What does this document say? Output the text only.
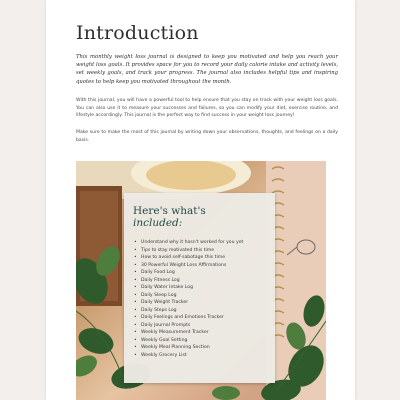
Introduction
This monthly weight loss journal is designed to keep you motivated and help you reach your weight loss goals. It provides space for you to record your daily calorie intake and activity levels, set weekly goals, and track your progress. The journal also includes helpful tips and inspiring quotes to help keep you motivated throughout the month.
With this journal, you will have a powerful tool to help ensure that you stay on track with your weight loss goals. You can also use it to measure your successes and failures, so you can modify your diet, exercise routine, and lifestyle accordingly. This journal is the perfect way to find success in your weight loss journey!
Make sure to make the most of this journal by writing down your observations, thoughts, and feelings on a daily basis.
Here's what's
included:
• Understand why it hasn't worked for you yet
• Tips to stay motivated this time
• How to avoid self-sabotage this time
• 30 Powerful Weight Loss Affirmations
• Daily Food Log
• Daily Fitness Log
• Daily Water Intake Log
• Daily Sleep Log
• Daily Weight Tracker
• Daily Steps Log
• Daily Feelings and Emotions Tracker
• Daily Journal Prompts
• Weekly Measurement Tracker
• Weekly Goal Setting
• Weekly Meal Planning Section
• Weekly Grocery List
